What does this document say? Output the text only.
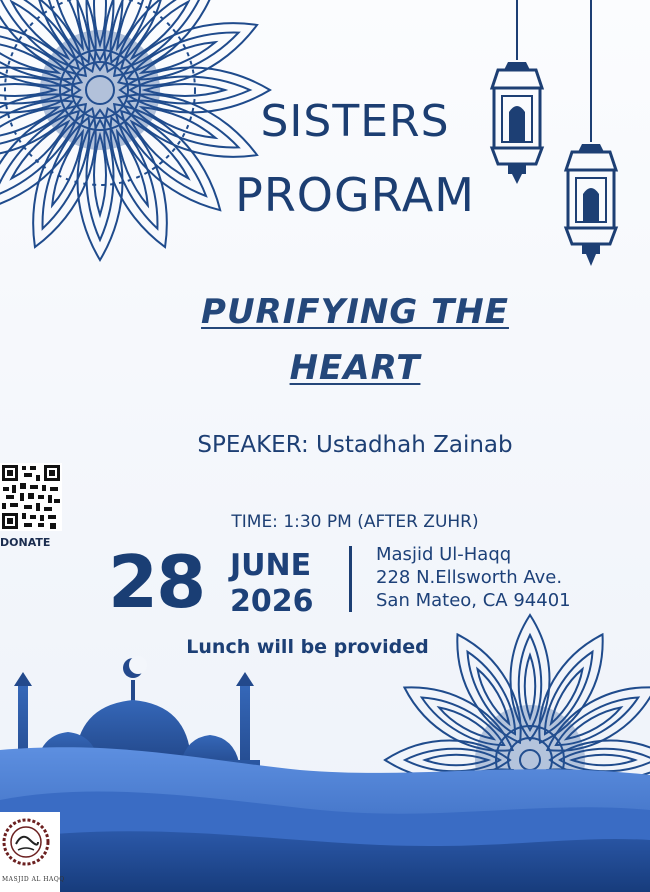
SISTERS
PROGRAM
PURIFYING THE
HEART
SPEAKER: Ustadhah Zainab
DONATE
TIME: 1:30 PM (AFTER ZUHR)
28 JUNE
2026
Masjid Ul-Haqq
228 N.Ellsworth Ave.
San Mateo, CA 94401
Lunch will be provided
MASJID AL HAQQ
